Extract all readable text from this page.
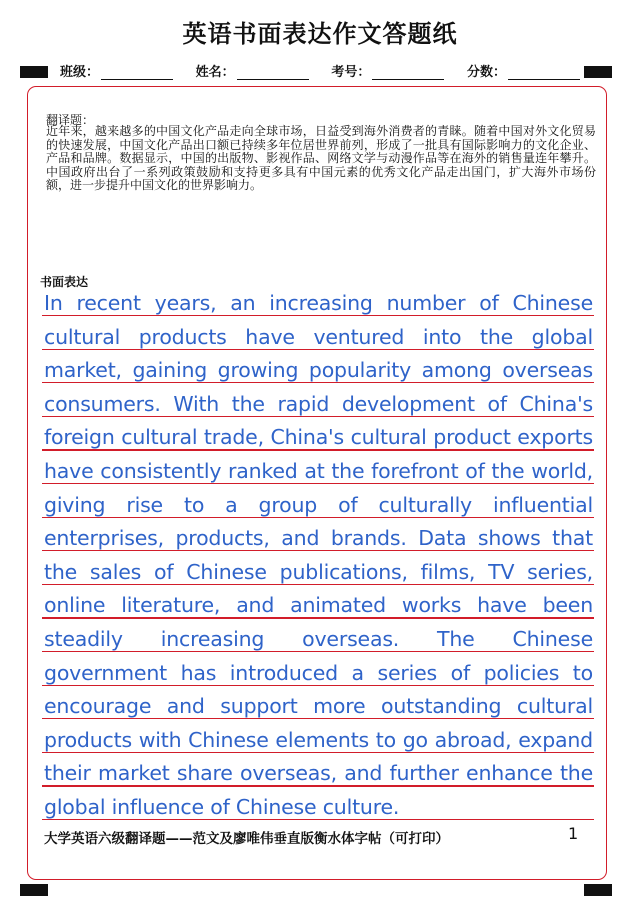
英语书面表达作文答题纸
班级：	姓名：	考号：	分数：
翻译题：
近年来，越来越多的中国文化产品走向全球市场，日益受到海外消费者的青睐。随着中国对外文化贸易的快速发展，中国文化产品出口额已持续多年位居世界前列，形成了一批具有国际影响力的文化企业、产品和品牌。数据显示，中国的出版物、影视作品、网络文学与动漫作品等在海外的销售量连年攀升。中国政府出台了一系列政策鼓励和支持更多具有中国元素的优秀文化产品走出国门，扩大海外市场份额，进一步提升中国文化的世界影响力。
书面表达
In recent years, an increasing number of Chinese cultural products have ventured into the global market, gaining growing popularity among overseas consumers. With the rapid development of China's foreign cultural trade, China's cultural product exports have consistently ranked at the forefront of the world, giving rise to a group of culturally influential enterprises, products, and brands. Data shows that the sales of Chinese publications, films, TV series, online literature, and animated works have been steadily increasing overseas. The Chinese government has introduced a series of policies to encourage and support more outstanding cultural products with Chinese elements to go abroad, expand their market share overseas, and further enhance the global influence of Chinese culture.
大学英语六级翻译题——范文及廖唯伟垂直版衡水体字帖（可打印）	1
